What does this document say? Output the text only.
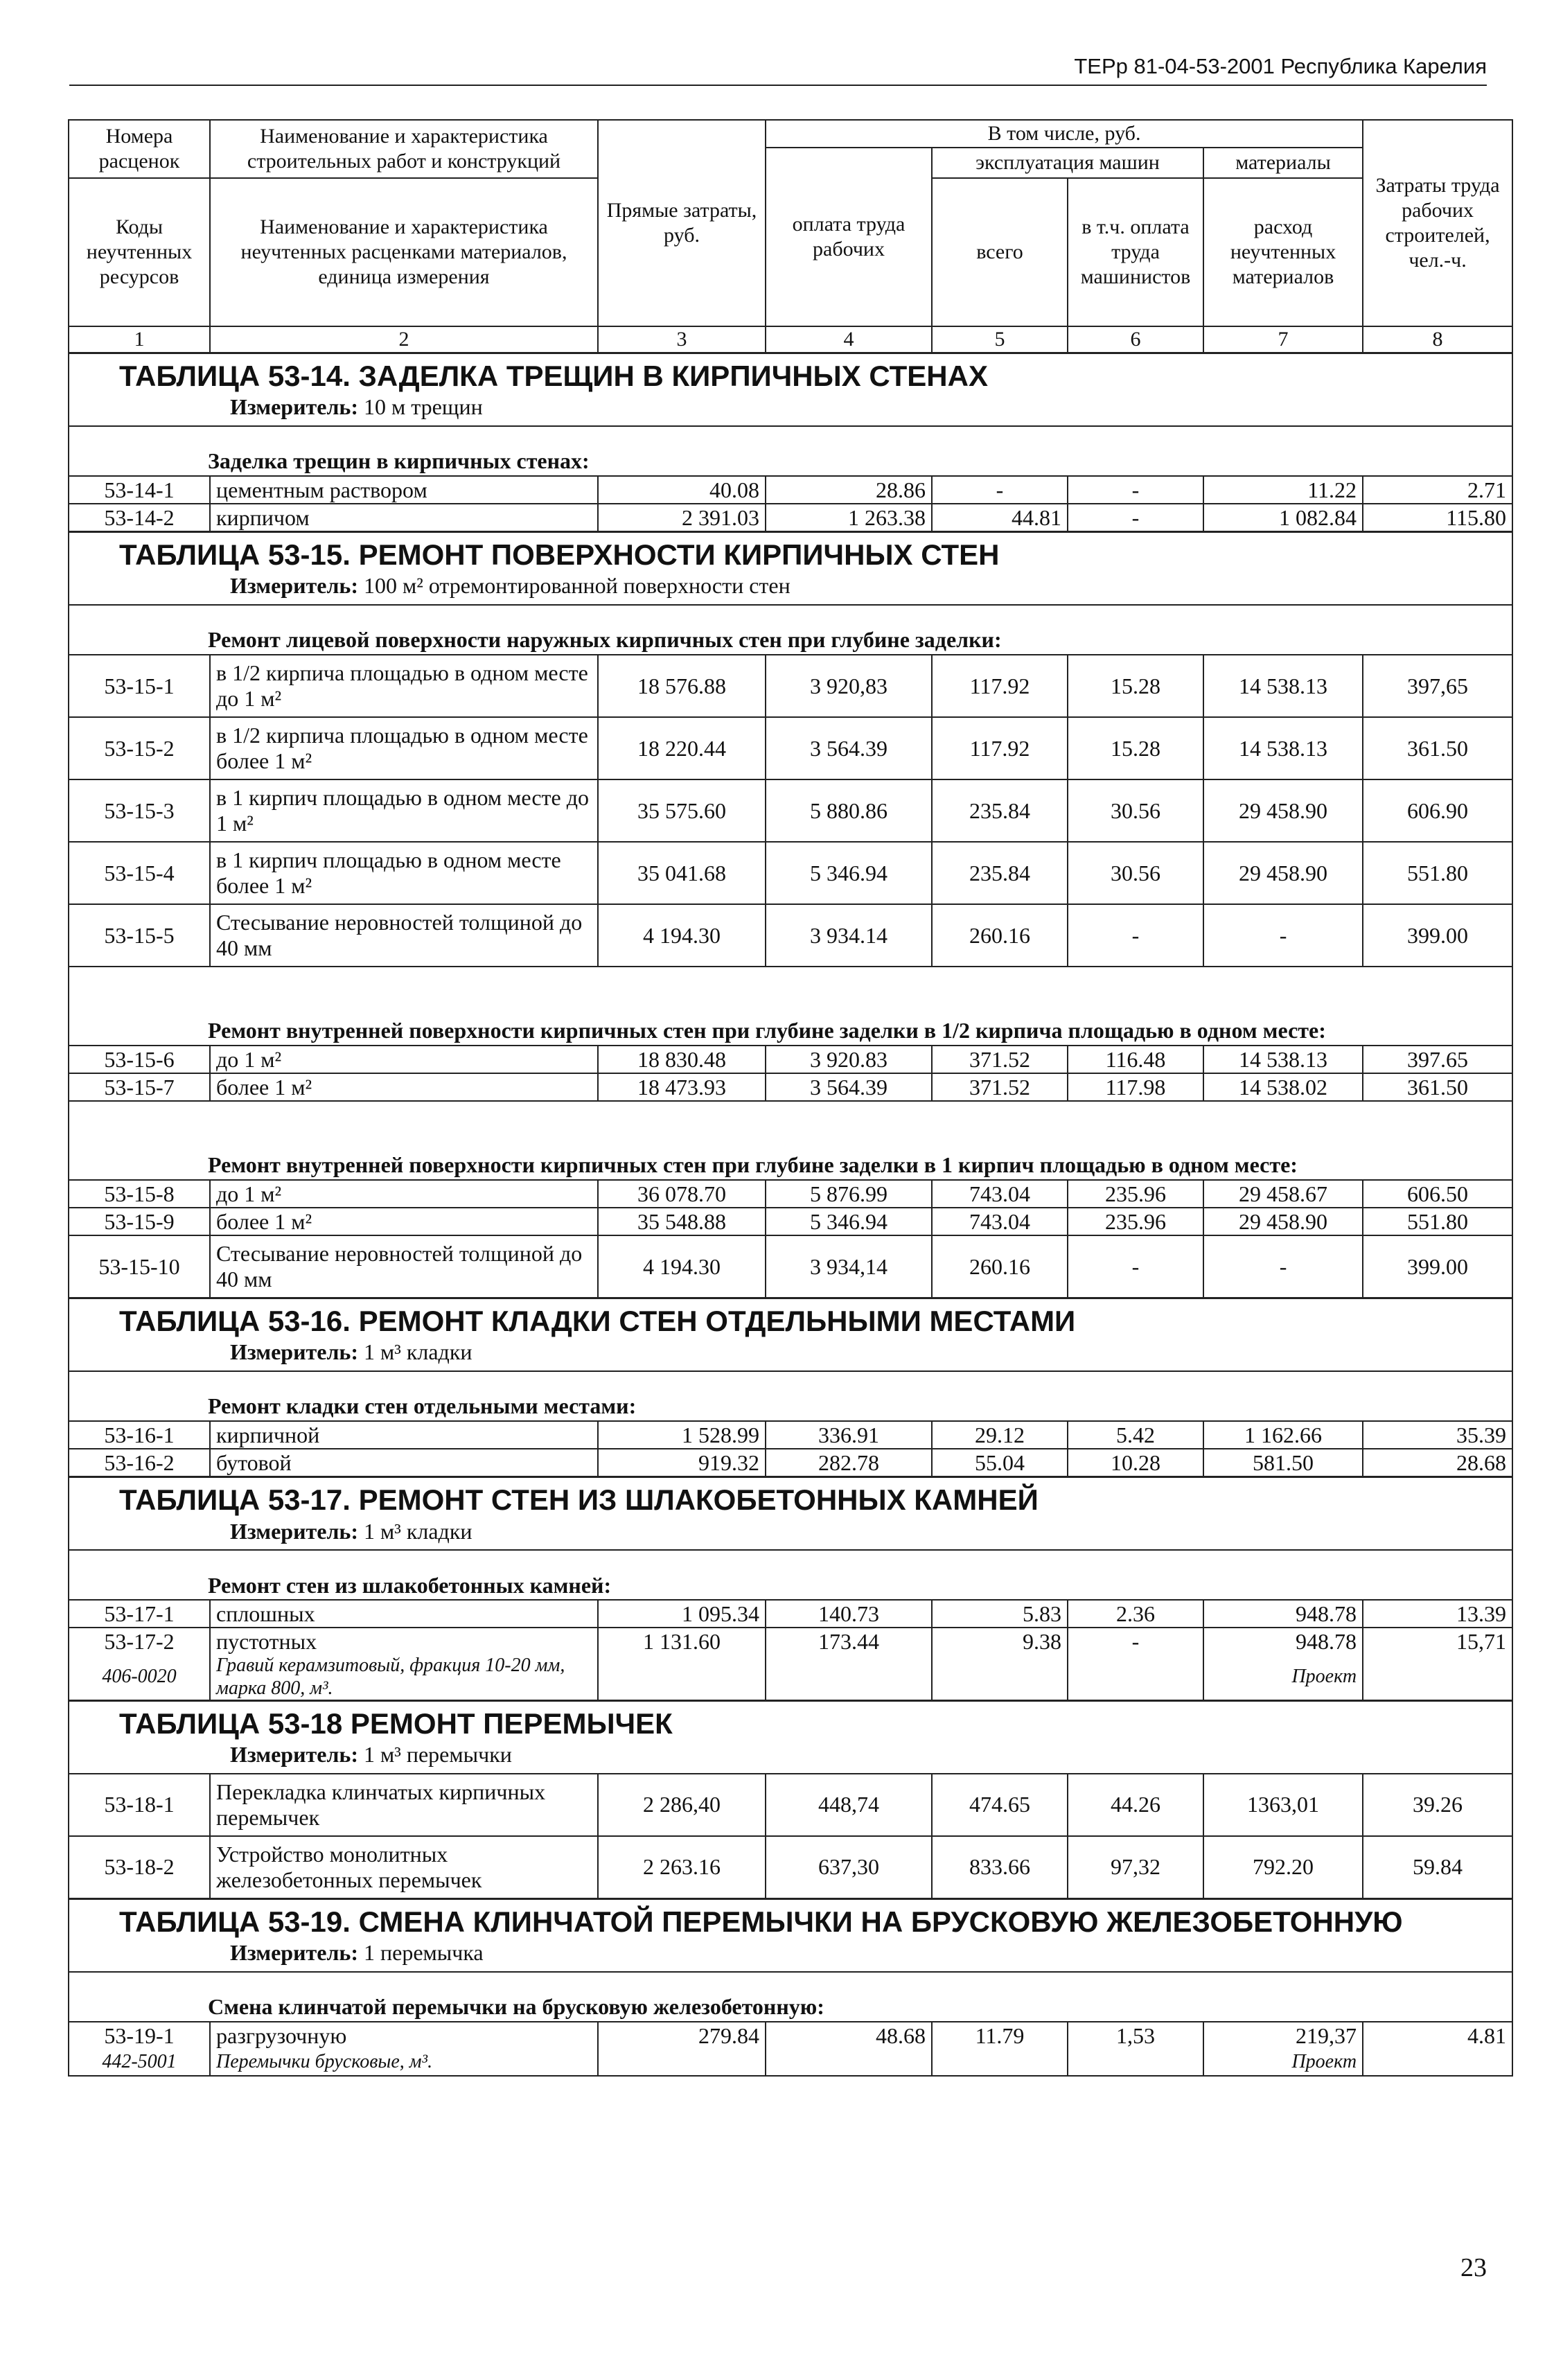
ТЕРр 81-04-53-2001 Республика Карелия
Номера расценок	Наименование и характеристика строительных работ и конструкций	Прямые затраты, руб.	В том числе, руб.				Затраты труда рабочих строителей, чел.-ч.
			оплата труда рабочих	эксплуатация машин		материалы	
Коды неучтенных ресурсов	Наименование и характеристика неучтенных расценками материалов, единица измерения			всего	в т.ч. оплата труда машинистов	расход неучтенных материалов	

1	2	3	4	5	6	7	8

ТАБЛИЦА 53-14. ЗАДЕЛКА ТРЕЩИН В КИРПИЧНЫХ СТЕНАХ
Измеритель: 10 м трещин							

Заделка трещин в кирпичных стенах:							
53-14-1	цементным раствором	40.08	28.86	-	-	11.22	2.71
53-14-2	кирпичом	2 391.03	1 263.38	44.81	-	1 082.84	115.80

ТАБЛИЦА 53-15. РЕМОНТ ПОВЕРХНОСТИ КИРПИЧНЫХ СТЕН
Измеритель: 100 м² отремонтированной поверхности стен							

Ремонт лицевой поверхности наружных кирпичных стен при глубине заделки:							
53-15-1	в 1/2 кирпича площадью в одном месте до 1 м²	18 576.88	3 920,83	117.92	15.28	14 538.13	397,65
53-15-2	в 1/2 кирпича площадью в одном месте более 1 м²	18 220.44	3 564.39	117.92	15.28	14 538.13	361.50
53-15-3	в 1 кирпич площадью в одном месте до 1 м²	35 575.60	5 880.86	235.84	30.56	29 458.90	606.90
53-15-4	в 1 кирпич площадью в одном месте более 1 м²	35 041.68	5 346.94	235.84	30.56	29 458.90	551.80
53-15-5	Стесывание неровностей толщиной до 40 мм	4 194.30	3 934.14	260.16	-	-	399.00
Ремонт внутренней поверхности кирпичных стен при глубине заделки в 1/2 кирпича площадью в одном месте:							
53-15-6	до 1 м²	18 830.48	3 920.83	371.52	116.48	14 538.13	397.65
53-15-7	более 1 м²	18 473.93	3 564.39	371.52	117.98	14 538.02	361.50
Ремонт внутренней поверхности кирпичных стен при глубине заделки в 1 кирпич площадью в одном месте:							
53-15-8	до 1 м²	36 078.70	5 876.99	743.04	235.96	29 458.67	606.50
53-15-9	более 1 м²	35 548.88	5 346.94	743.04	235.96	29 458.90	551.80
53-15-10	Стесывание неровностей толщиной до 40 мм	4 194.30	3 934,14	260.16	-	-	399.00

ТАБЛИЦА 53-16. РЕМОНТ КЛАДКИ СТЕН ОТДЕЛЬНЫМИ МЕСТАМИ
Измеритель: 1 м³ кладки							

Ремонт кладки стен отдельными местами:							
53-16-1	кирпичной	1 528.99	336.91	29.12	5.42	1 162.66	35.39
53-16-2	бутовой	919.32	282.78	55.04	10.28	581.50	28.68

ТАБЛИЦА 53-17. РЕМОНТ СТЕН ИЗ ШЛАКОБЕТОННЫХ КАМНЕЙ
Измеритель: 1 м³ кладки							

Ремонт стен из шлакобетонных камней:							
53-17-1	сплошных	1 095.34	140.73	5.83	2.36	948.78	13.39
53-17-2	пустотных	1 131.60	173.44	9.38	-	948.78	15,71
406-0020	Гравий керамзитовый, фракция 10-20 мм, марка 800, м³.					Проект	

ТАБЛИЦА 53-18 РЕМОНТ ПЕРЕМЫЧЕК
Измеритель: 1 м³ перемычки							

53-18-1	Перекладка клинчатых кирпичных перемычек	2 286,40	448,74	474.65	44.26	1363,01	39.26
53-18-2	Устройство монолитных железобетонных перемычек	2 263.16	637,30	833.66	97,32	792.20	59.84

ТАБЛИЦА 53-19. СМЕНА КЛИНЧАТОЙ ПЕРЕМЫЧКИ НА БРУСКОВУЮ ЖЕЛЕЗОБЕТОННУЮ
Измеритель: 1 перемычка							

Смена клинчатой перемычки на брусковую железобетонную:							
53-19-1	разгрузочную	279.84	48.68	11.79	1,53	219,37	4.81
442-5001	Перемычки брусковые, м³.					Проект	
23
